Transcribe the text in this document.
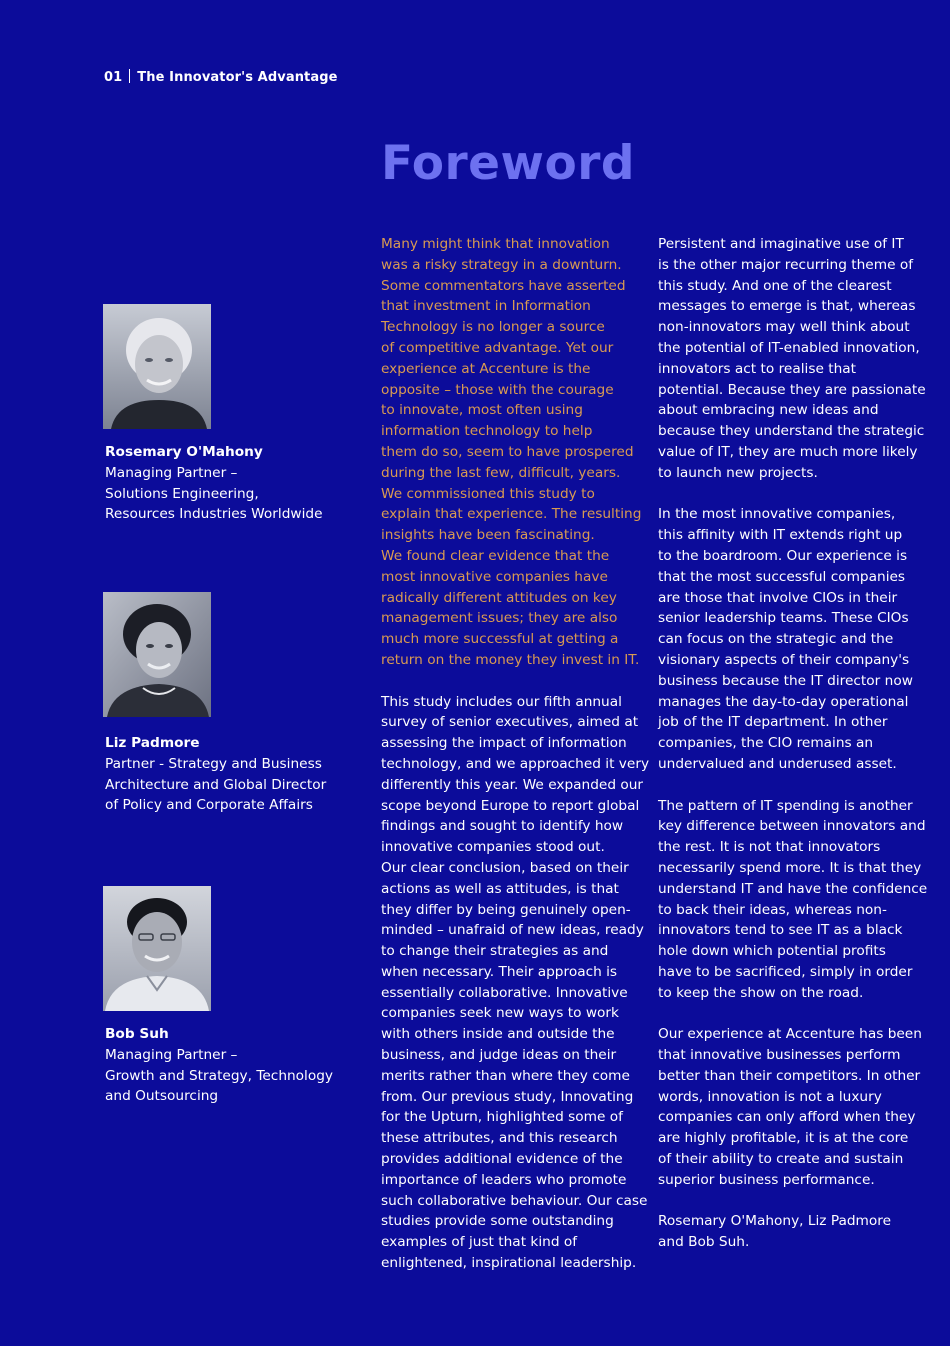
01 The Innovator's Advantage
Foreword
Rosemary O'Mahony
Managing Partner –
Solutions Engineering,
Resources Industries Worldwide
Liz Padmore
Partner - Strategy and Business
Architecture and Global Director
of Policy and Corporate Affairs
Bob Suh
Managing Partner –
Growth and Strategy, Technology
and Outsourcing
Many might think that innovation
was a risky strategy in a downturn.
Some commentators have asserted
that investment in Information
Technology is no longer a source
of competitive advantage. Yet our
experience at Accenture is the
opposite – those with the courage
to innovate, most often using
information technology to help
them do so, seem to have prospered
during the last few, difficult, years.
We commissioned this study to
explain that experience. The resulting
insights have been fascinating.
We found clear evidence that the
most innovative companies have
radically different attitudes on key
management issues; they are also
much more successful at getting a
return on the money they invest in IT.
This study includes our fifth annual
survey of senior executives, aimed at
assessing the impact of information
technology, and we approached it very
differently this year. We expanded our
scope beyond Europe to report global
findings and sought to identify how
innovative companies stood out.
Our clear conclusion, based on their
actions as well as attitudes, is that
they differ by being genuinely open-
minded – unafraid of new ideas, ready
to change their strategies as and
when necessary. Their approach is
essentially collaborative. Innovative
companies seek new ways to work
with others inside and outside the
business, and judge ideas on their
merits rather than where they come
from. Our previous study, Innovating
for the Upturn, highlighted some of
these attributes, and this research
provides additional evidence of the
importance of leaders who promote
such collaborative behaviour. Our case
studies provide some outstanding
examples of just that kind of
enlightened, inspirational leadership.
Persistent and imaginative use of IT
is the other major recurring theme of
this study. And one of the clearest
messages to emerge is that, whereas
non-innovators may well think about
the potential of IT-enabled innovation,
innovators act to realise that
potential. Because they are passionate
about embracing new ideas and
because they understand the strategic
value of IT, they are much more likely
to launch new projects.
In the most innovative companies,
this affinity with IT extends right up
to the boardroom. Our experience is
that the most successful companies
are those that involve CIOs in their
senior leadership teams. These CIOs
can focus on the strategic and the
visionary aspects of their company's
business because the IT director now
manages the day-to-day operational
job of the IT department. In other
companies, the CIO remains an
undervalued and underused asset.
The pattern of IT spending is another
key difference between innovators and
the rest. It is not that innovators
necessarily spend more. It is that they
understand IT and have the confidence
to back their ideas, whereas non-
innovators tend to see IT as a black
hole down which potential profits
have to be sacrificed, simply in order
to keep the show on the road.
Our experience at Accenture has been
that innovative businesses perform
better than their competitors. In other
words, innovation is not a luxury
companies can only afford when they
are highly profitable, it is at the core
of their ability to create and sustain
superior business performance.
Rosemary O'Mahony, Liz Padmore
and Bob Suh.
